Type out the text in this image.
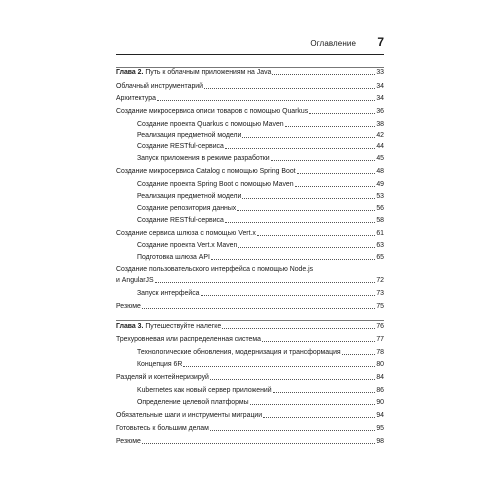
Оглавление 7
Глава 2. Путь к облачным приложениям на Java	33
Облачный инструментарий	34
Архитектура	34
Создание микросервиса описи товаров с помощью Quarkus	36
Создание проекта Quarkus с помощью Maven	38
Реализация предметной модели	42
Создание RESTful-сервиса	44
Запуск приложения в режиме разработки	45
Создание микросервиса Catalog с помощью Spring Boot	48
Создание проекта Spring Boot с помощью Maven	49
Реализация предметной модели	53
Создание репозитория данных	56
Создание RESTful-сервиса	58
Создание сервиса шлюза с помощью Vert.x	61
Создание проекта Vert.x Maven	63
Подготовка шлюза API	65
Создание пользовательского интерфейса с помощью Node.js
и AngularJS	72
Запуск интерфейса	73
Резюме	75
Глава 3. Путешествуйте налегке	76
Трехуровневая или распределенная система	77
Технологические обновления, модернизация и трансформация	78
Концепция 6R	80
Разделяй и контейнеризируй	84
Kubernetes как новый сервер приложений	86
Определение целевой платформы	90
Обязательные шаги и инструменты миграции	94
Готовьтесь к большим делам	95
Резюме	98
